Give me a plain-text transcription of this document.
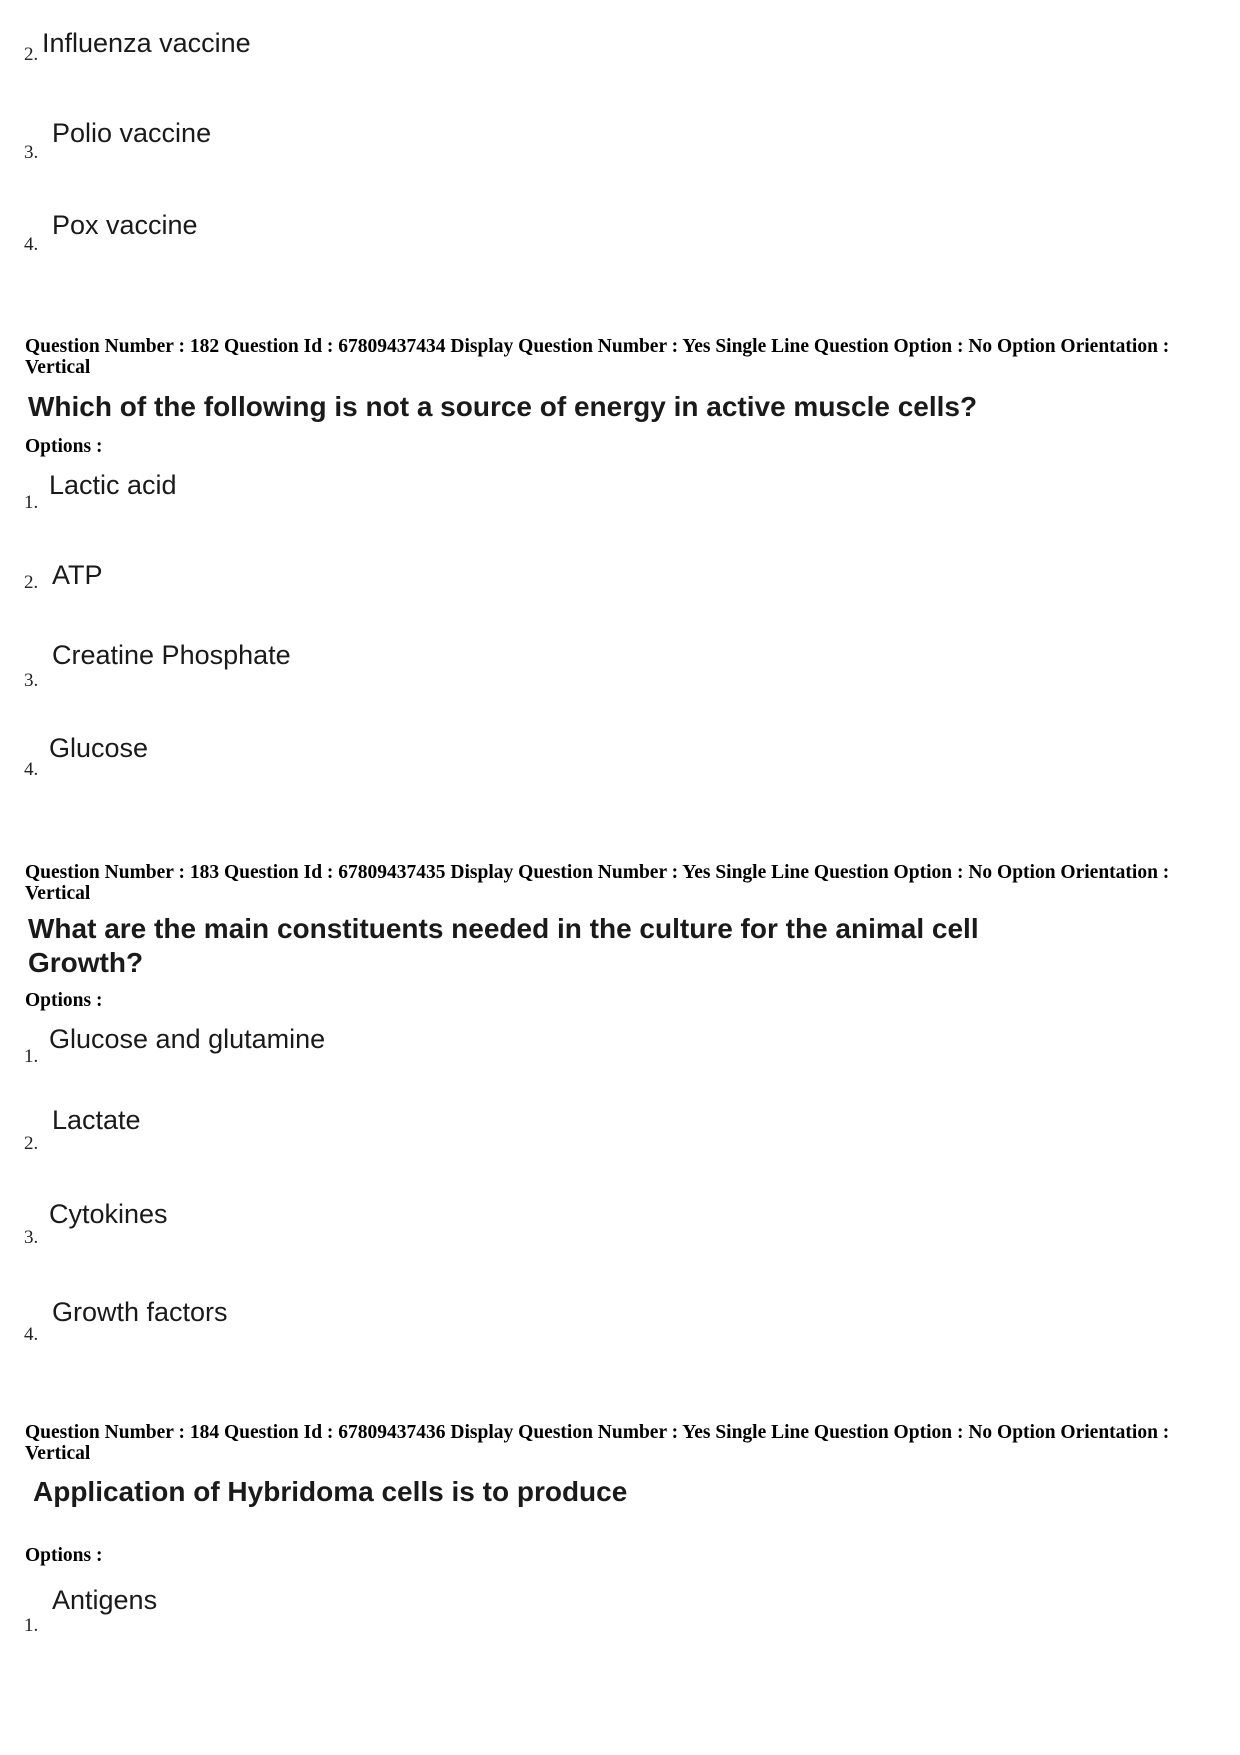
2. Influenza vaccine
3.
Polio vaccine
4.
Pox vaccine
Question Number : 182 Question Id : 67809437434 Display Question Number : Yes Single Line Question Option : No Option Orientation : Vertical
Which of the following is not a source of energy in active muscle cells?
Options :
1.
Lactic acid
2. ATP
3.
Creatine Phosphate
4.
Glucose
Question Number : 183 Question Id : 67809437435 Display Question Number : Yes Single Line Question Option : No Option Orientation : Vertical
What are the main constituents needed in the culture for the animal cell
Growth?
Options :
1.
Glucose and glutamine
2.
Lactate
3.
Cytokines
4.
Growth factors
Question Number : 184 Question Id : 67809437436 Display Question Number : Yes Single Line Question Option : No Option Orientation : Vertical
Application of Hybridoma cells is to produce
Options :
1.
Antigens
